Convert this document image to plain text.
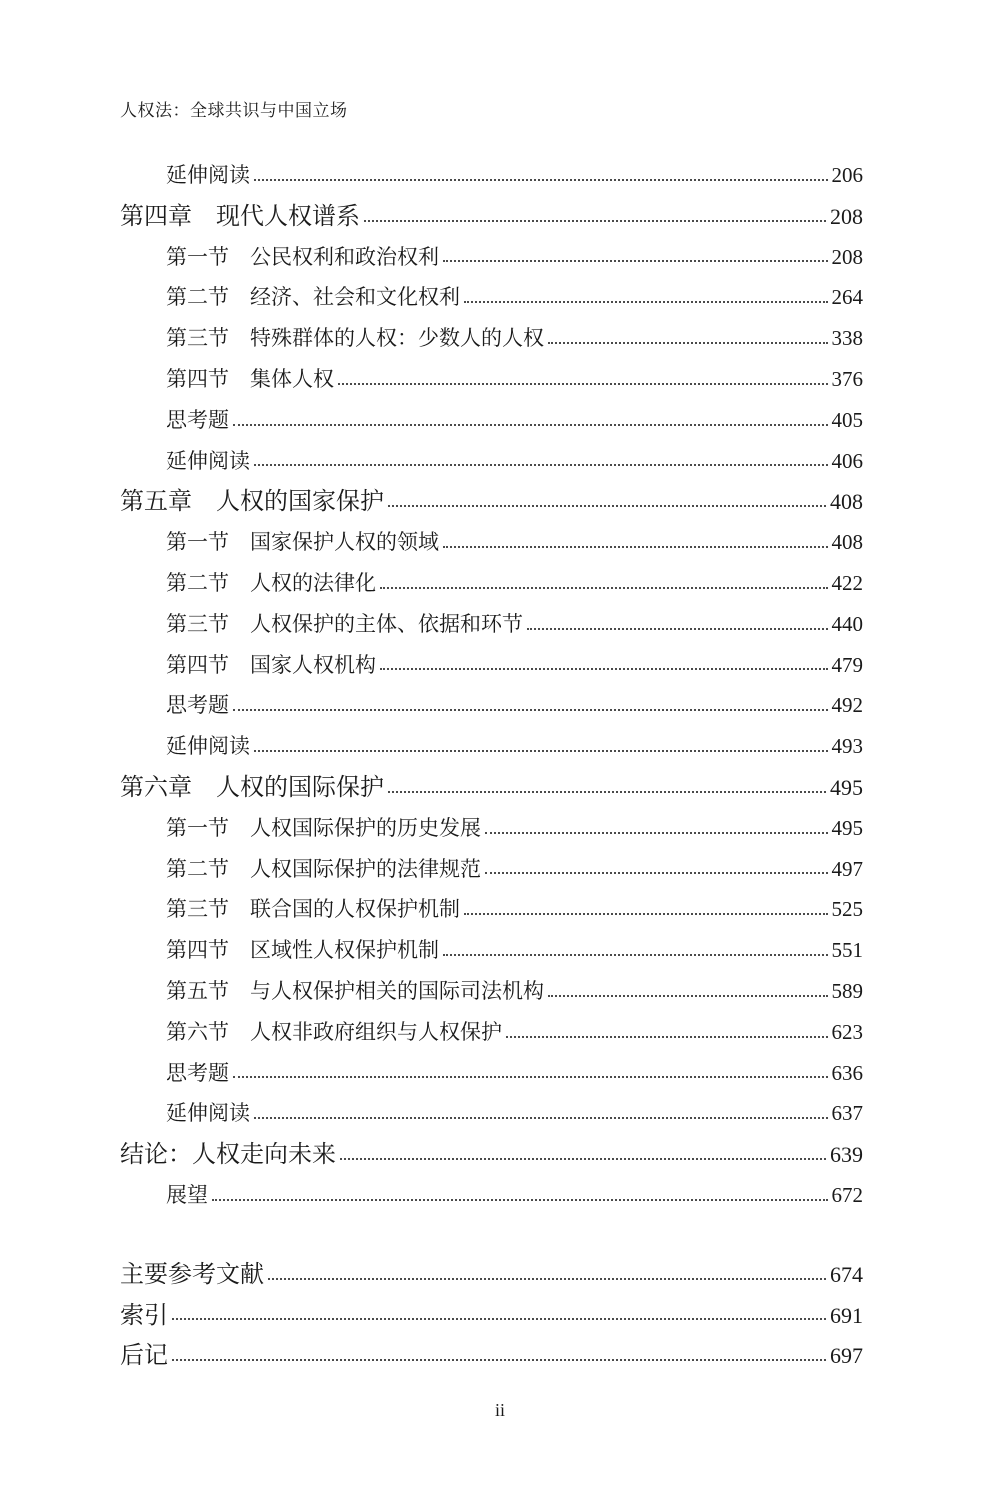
人权法：全球共识与中国立场
延伸阅读	206
第四章　现代人权谱系	208
第一节　公民权利和政治权利	208
第二节　经济、社会和文化权利	264
第三节　特殊群体的人权：少数人的人权	338
第四节　集体人权	376
思考题	405
延伸阅读	406
第五章　人权的国家保护	408
第一节　国家保护人权的领域	408
第二节　人权的法律化	422
第三节　人权保护的主体、依据和环节	440
第四节　国家人权机构	479
思考题	492
延伸阅读	493
第六章　人权的国际保护	495
第一节　人权国际保护的历史发展	495
第二节　人权国际保护的法律规范	497
第三节　联合国的人权保护机制	525
第四节　区域性人权保护机制	551
第五节　与人权保护相关的国际司法机构	589
第六节　人权非政府组织与人权保护	623
思考题	636
延伸阅读	637
结论：人权走向未来	639
展望	672
主要参考文献	674
索引	691
后记	697
ii
